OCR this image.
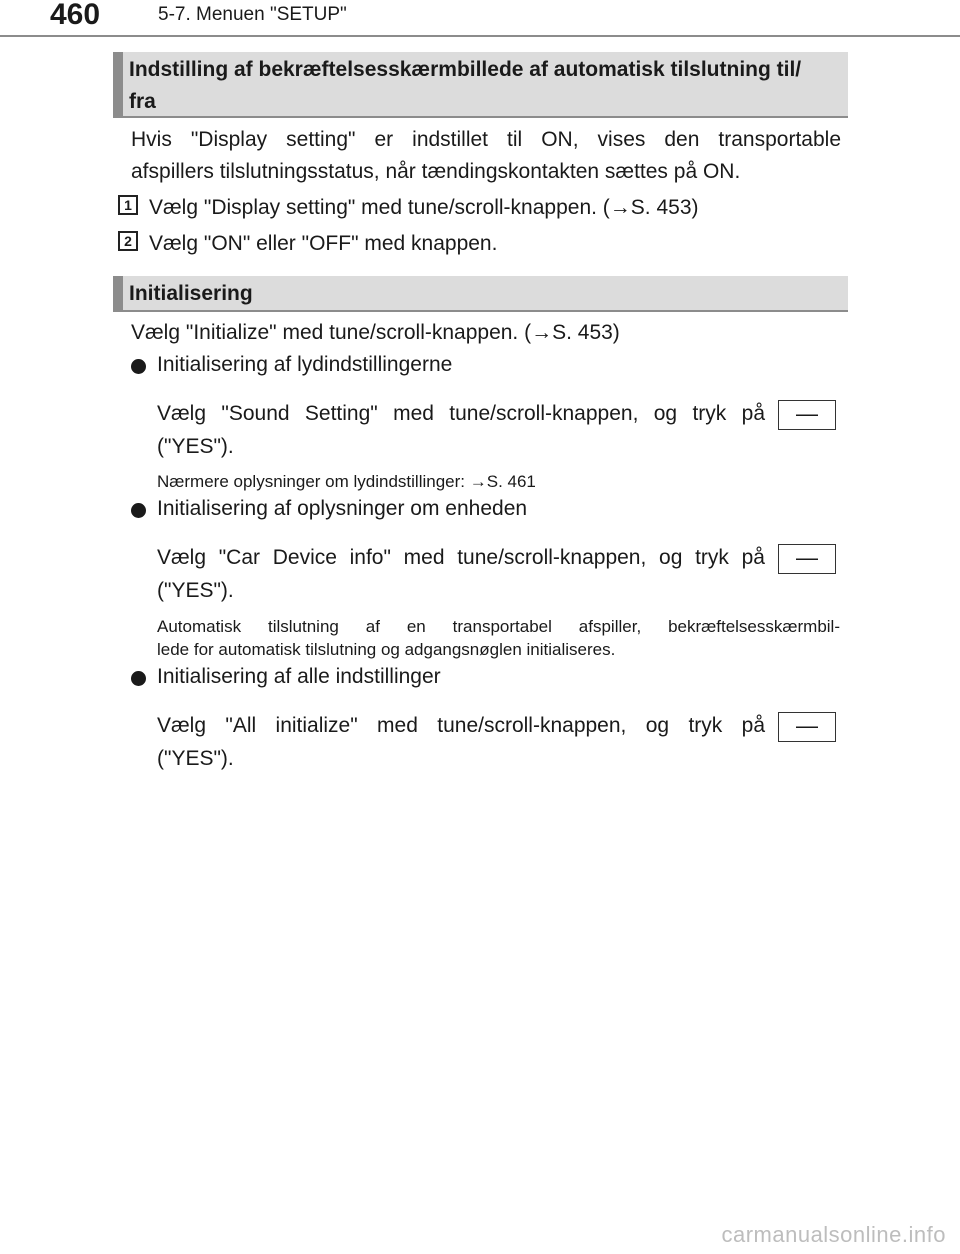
460	5-7. Menuen "SETUP"
Indstilling af bekræftelsesskærmbillede af automatisk tilslutning til/
fra
Hvis "Display setting" er indstillet til ON, vises den transportable
afspillers tilslutningsstatus, når tændingskontakten sættes på ON.
1 Vælg "Display setting" med tune/scroll-knappen. (→S. 453)
2 Vælg "ON" eller "OFF" med knappen.
Initialisering
Vælg "Initialize" med tune/scroll-knappen. (→S. 453)
Initialisering af lydindstillingerne
Vælg "Sound Setting" med tune/scroll-knappen, og tryk på	—
("YES").
Nærmere oplysninger om lydindstillinger: →S. 461
Initialisering af oplysninger om enheden
Vælg "Car Device info" med tune/scroll-knappen, og tryk på	—
("YES").
Automatisk tilslutning af en transportabel afspiller, bekræftelsesskærmbil-
lede for automatisk tilslutning og adgangsnøglen initialiseres.
Initialisering af alle indstillinger
Vælg "All initialize" med tune/scroll-knappen, og tryk på	—
("YES").
carmanualsonline.info
